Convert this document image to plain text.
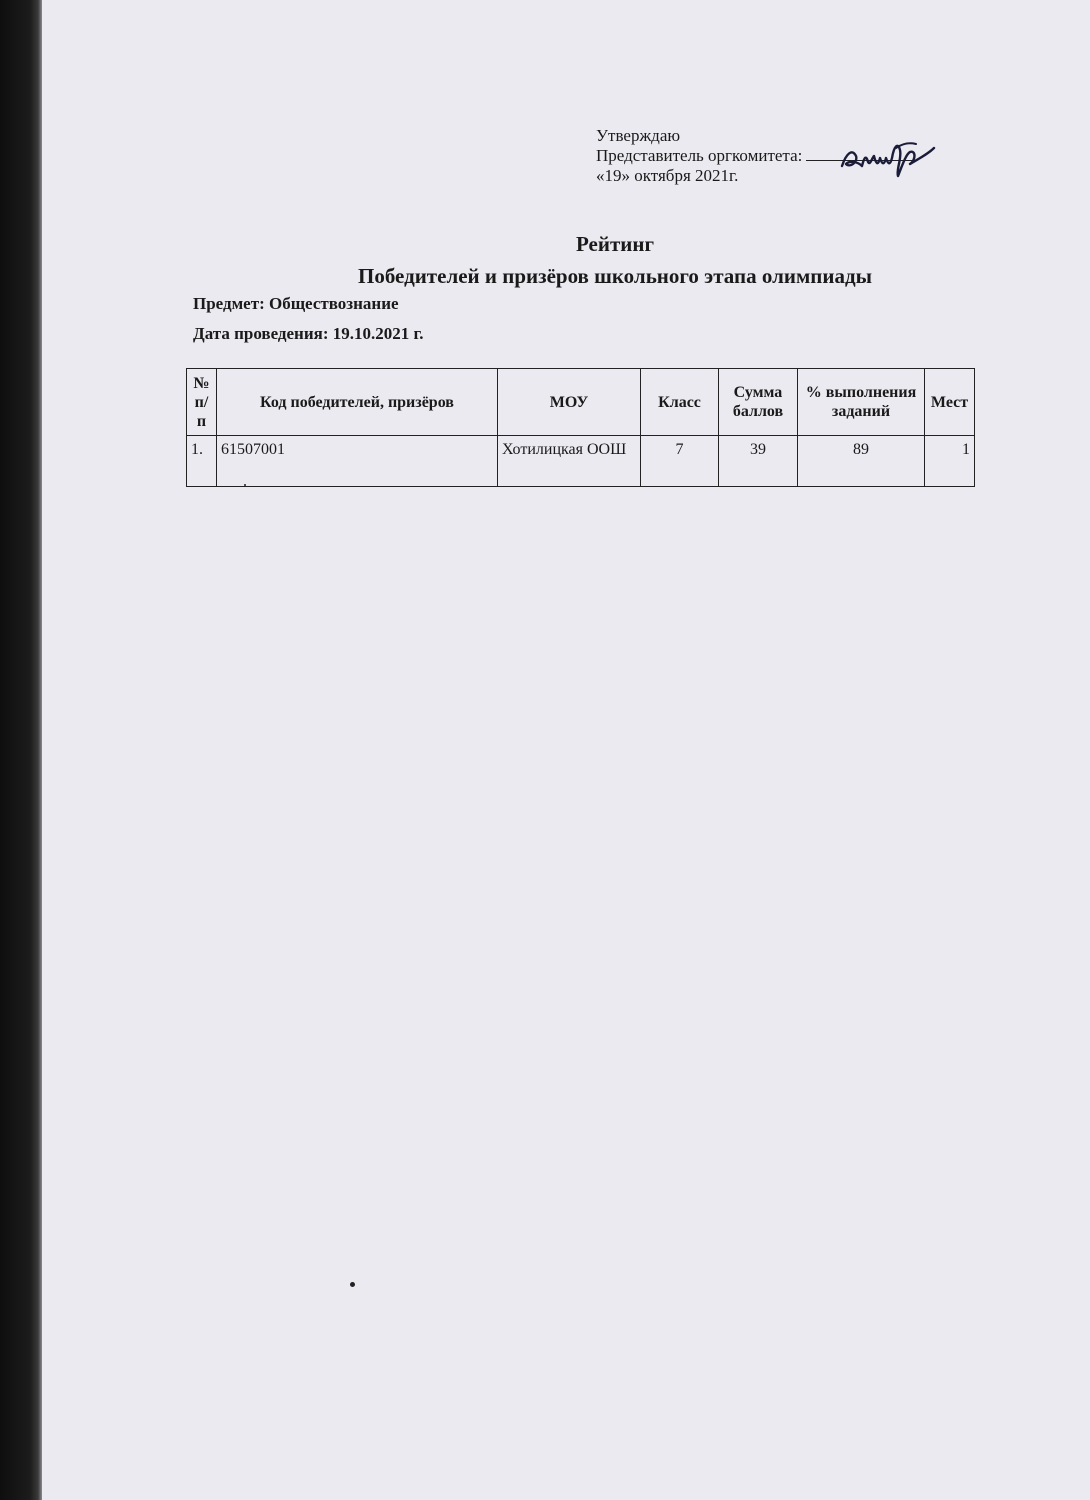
Утверждаю
Представитель оргкомитета:
«19» октября 2021г.
Рейтинг
Победителей и призёров школьного этапа олимпиады
Предмет: Обществознание
Дата проведения: 19.10.2021 г.
№ п/п	Код победителей, призёров	МОУ	Класс	Сумма баллов	% выполнения заданий	Мест
1.	61507001	Хотилицкая ООШ	7	39	89	1
